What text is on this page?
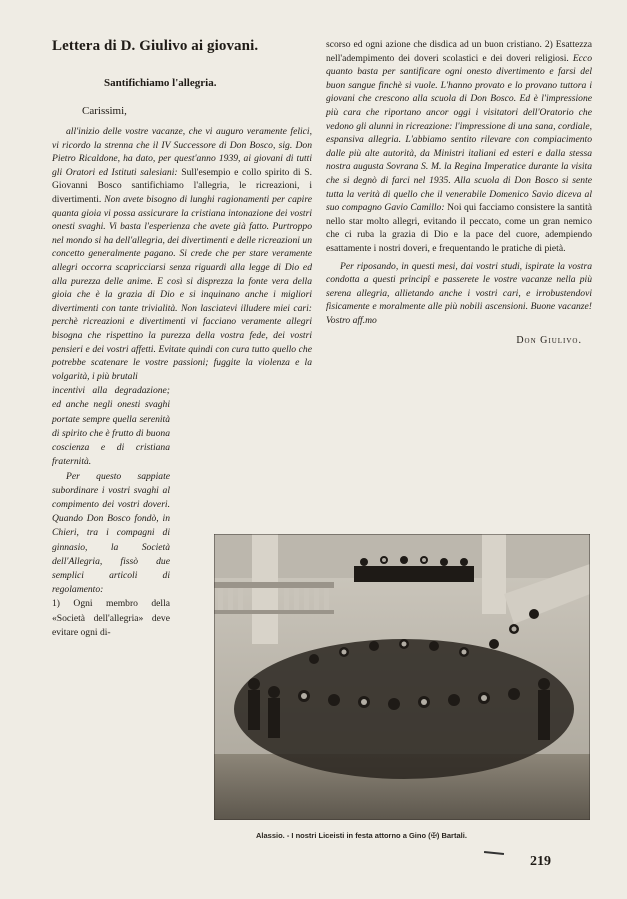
Lettera di D. Giulivo ai giovani.
Santifichiamo l'allegria.
Carissimi,

all'inizio delle vostre vacanze, che vi auguro veramente felici, vi ricordo la strenna che il IV Successore di Don Bosco, sig. Don Pietro Ricaldone, ha dato, per quest'anno 1939, ai giovani di tutti gli Oratori ed Istituti salesiani: Sull'esempio e collo spirito di S. Giovanni Bosco santifichiamo l'allegria, le ricreazioni, i divertimenti. Non avete bisogno di lunghi ragionamenti per capire quanta gioia vi possa assicurare la cristiana intonazione dei vostri onesti svaghi. Vi basta l'esperienza che avete già fatto. Purtroppo nel mondo si ha dell'allegria, dei divertimenti e delle ricreazioni un concetto generalmente pagano. Si crede che per stare veramente allegri occorra scapricciarsi senza riguardi alla legge di Dio ed alla purezza delle anime. E così si disprezza la fonte vera della gioia che è la grazia di Dio e si inquinano anche i migliori divertimenti con tante trivialità. Non lasciatevi illudere miei cari: perchè ricreazioni e divertimenti vi facciano veramente allegri bisogna che rispettino la purezza della vostra fede, dei vostri pensieri e dei vostri affetti. Evitate quindi con cura tutto quello che potrebbe scatenare le vostre passioni; fuggite la violenza e la volgarità, i più brutali

incentivi alla degradazione; ed anche negli onesti svaghi portate sempre quella serenità di spirito che è frutto di buona coscienza e di cristiana fraternità.

Per questo sappiate subordinare i vostri svaghi al compimento dei vostri doveri. Quando Don Bosco fondò, in Chieri, tra i compagni di ginnasio, la Società dell'Allegria, fissò due semplici articoli di regolamento:

1) Ogni membro della «Società dell'allegria» deve evitare ogni di-

scorso ed ogni azione che disdica ad un buon cristiano. 2) Esattezza nell'adempimento dei doveri scolastici e dei doveri religiosi. Ecco quanto basta per santificare ogni onesto divertimento e farsi del buon sangue finchè si vuole. L'hanno provato e lo provano tuttora i giovani che crescono alla scuola di Don Bosco. Ed è l'impressione più cara che riportano ancor oggi i visitatori dell'Oratorio che vedono gli alunni in ricreazione: l'impressione di una sana, cordiale, espansiva allegria. L'abbiamo sentito rilevare con compiacimento dalle più alte autorità, da Ministri italiani ed esteri e dalla stessa nostra augusta Sovrana S. M. la Regina Imperatice durante la visita che si degnò di farci nel 1935. Alla scuola di Don Bosco si sente tutta la verità di quello che il venerabile Domenico Savio diceva al suo compagno Gavio Camillo: Noi qui facciamo consistere la santità nello star molto allegri, evitando il peccato, come un gran nemico che ci ruba la grazia di Dio e la pace del cuore, adempiendo esattamente i nostri doveri, e frequentando le pratiche di pietà.

Per riposando, in questi mesi, dai vostri studi, ispirate la vostra condotta a questi principî e passerete le vostre vacanze nella più serena allegria, allietando anche i vostri cari, e irrobustendovi fisicamente e moralmente alle più nobili ascensioni. Buone vacanze! Vostro aff.mo

Don Giulivo.
Alassio. - I nostri Liceisti in festa attorno a Gino (✠) Bartali.
219
